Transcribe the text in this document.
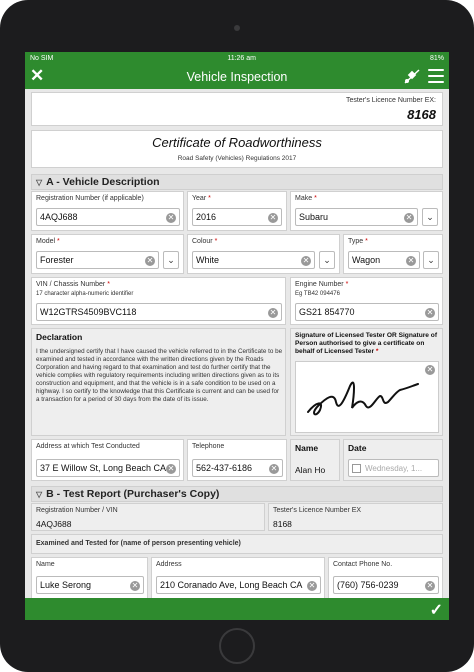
No SIM	11:26 am	81%
✕	Vehicle Inspection
Tester's Licence Number EX:
8168
Certificate of Roadworthiness
Road Safety (Vehicles) Regulations 2017
▽ A - Vehicle Description
Registration Number (if applicable)
4AQJ688	✕
Year *
2016	✕
Make *
Subaru	✕	⌄
Model *
Forester	✕	⌄
Colour *
White	✕	⌄
Type *
Wagon	✕	⌄
VIN / Chassis Number *
17 character alpha-numeric identifier
W12GTRS4509BVC118	✕
Engine Number *
Eg TB42 094476
GS21 854770	✕
Declaration
I the undersigned certify that I have caused the vehicle referred to in the Certificate to be examined and tested in accordance with the written directions given by the Roads Corporation and having regard to that examination and test do further certify that the vehicle complies with regulatory requirements including written directions given as to its construction and equipment, and that the vehicle is in a safe condition to be used on a highway. I so certify to the knowledge that this Certificate is current and can be used for a transaction for a period of 30 days from the date of its issue.
Signature of Licensed Tester OR Signature of Person authorised to give a certificate on behalf of Licensed Tester *
✕
Address at which Test Conducted
37 E Willow St, Long Beach CA ✕
Telephone
562-437-6186 ✕
Name
Alan Ho
Date
Wednesday, 1...
▽ B - Test Report (Purchaser's Copy)
Registration Number / VIN
4AQJ688
Tester's Licence Number EX
8168
Examined and Tested for (name of person presenting vehicle)
Name
Luke Serong	✕
Address
210 Coranado Ave, Long Beach CA ✕
Contact Phone No.
(760) 756-0239	✕
✓
